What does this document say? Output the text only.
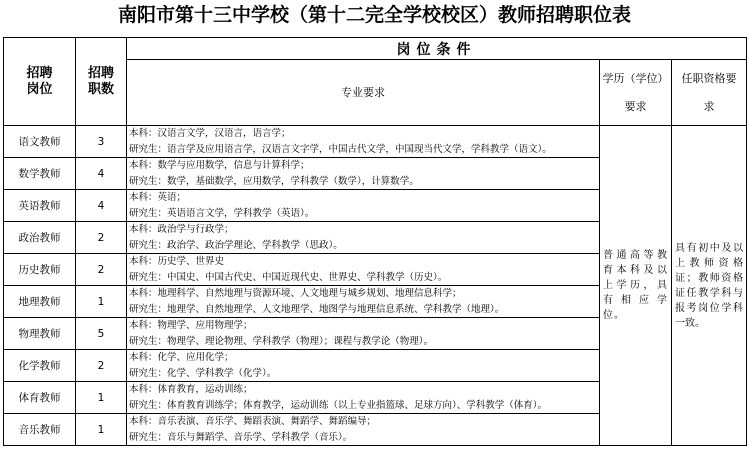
南阳市第十三中学校（第十二完全学校校区）教师招聘职位表
招聘岗位	招聘职数	岗位条件		
		专业要求	学历（学位）要求	任职资格要求
语文教师	3	本科：汉语言文学，汉语言，语言学；
研究生：语言学及应用语言学，汉语言文字学，中国古代文学，中国现当代文学，学科教学（语文）。	普通高等教育本科及以上学历，具有相应学位。	具有初中及以上教师资格证；教师资格证任教学科与报考岗位学科一致。

数学教师	4	本科：数学与应用数学，信息与计算科学；
研究生：数学，基础数学，应用数学，学科教学（数学），计算数学。		

英语教师	4	本科：英语；
研究生：英语语言文学，学科教学（英语）。		

政治教师	2	本科：政治学与行政学；
研究生：政治学、政治学理论、学科教学（思政）。		

历史教师	2	本科：历史学、世界史
研究生：中国史、中国古代史、中国近现代史、世界史、学科教学（历史）。		

地理教师	1	本科：地理科学、自然地理与资源环境、人文地理与城乡规划、地理信息科学；
研究生：地理学、自然地理学、人文地理学、地图学与地理信息系统、学科教学（地理）。		

物理教师	5	本科：物理学、应用物理学；
研究生：物理学、理论物理、学科教学（物理）；课程与教学论（物理）。		

化学教师	2	本科：化学、应用化学；
研究生：化学、学科教学（化学）。		

体育教师	1	本科：体育教育，运动训练；
研究生：体育教育训练学；体育教学，运动训练（以上专业指篮球、足球方向）、学科教学（体育）。		

音乐教师	1	本科：音乐表演、音乐学、舞蹈表演、舞蹈学、舞蹈编导；
研究生：音乐与舞蹈学、音乐学、学科教学（音乐）。		
